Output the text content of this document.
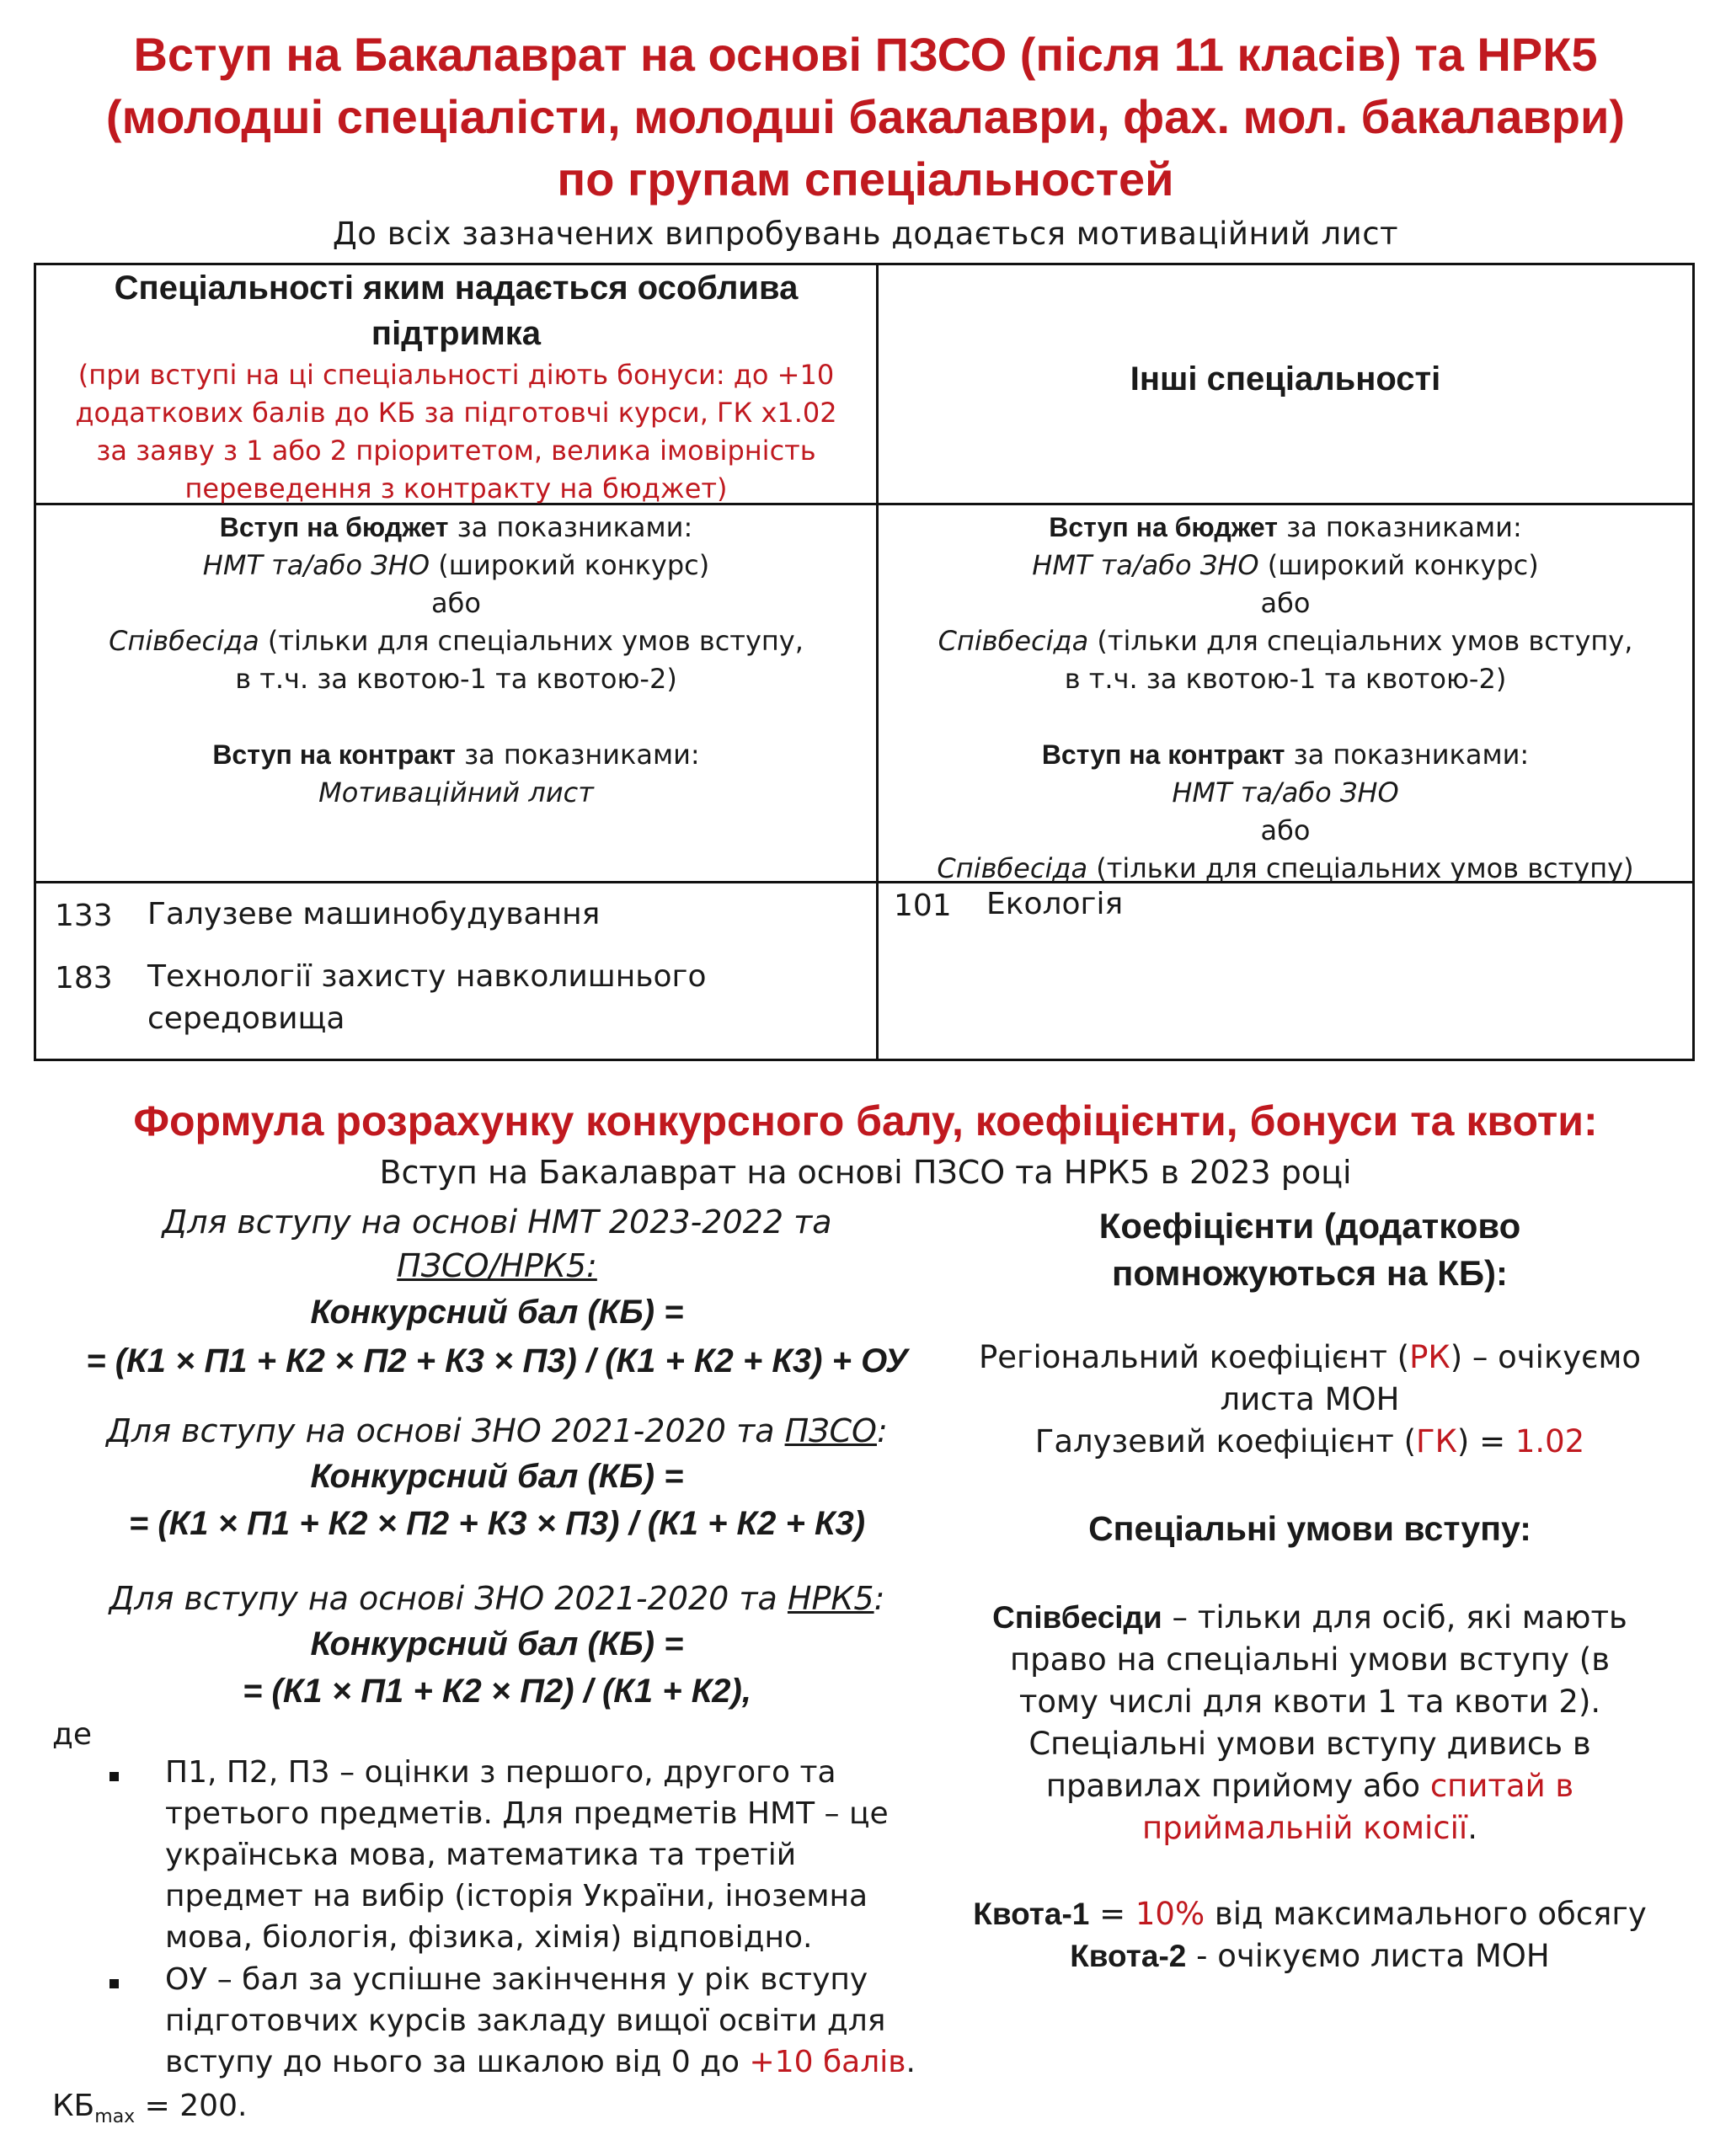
Вступ на Бакалаврат на основі ПЗСО (після 11 класів) та НРК5
(молодші спеціалісти, молодші бакалаври, фах. мол. бакалаври)
по групам спеціальностей
До всіх зазначених випробувань додається мотиваційний лист
Спеціальності яким надається особлива
підтримка
(при вступі на ці спеціальності діють бонуси: до +10
додаткових балів до КБ за підготовчі курси, ГК х1.02
за заяву з 1 або 2 пріоритетом, велика імовірність
переведення з контракту на бюджет)
Інші спеціальності
Вступ на бюджет за показниками:
НМТ та/або ЗНО (широкий конкурс)
або
Співбесіда (тільки для спеціальних умов вступу,
в т.ч. за квотою-1 та квотою-2)
Вступ на контракт за показниками:
Мотиваційний лист
Вступ на бюджет за показниками:
НМТ та/або ЗНО (широкий конкурс)
або
Співбесіда (тільки для спеціальних умов вступу,
в т.ч. за квотою-1 та квотою-2)
Вступ на контракт за показниками:
НМТ та/або ЗНО
або
Співбесіда (тільки для спеціальних умов вступу)
133 Галузеве машинобудування
183 Технології захисту навколишнього
середовища
101 Екологія
Формула розрахунку конкурсного балу, коефіцієнти, бонуси та квоти:
Вступ на Бакалаврат на основі ПЗСО та НРК5 в 2023 році
Для вступу на основі НМТ 2023-2022 та
ПЗСО/НРК5:
Конкурсний бал (КБ) =
= (К1 × П1 + К2 × П2 + К3 × П3) / (К1 + К2 + К3) + ОУ
Для вступу на основі ЗНО 2021-2020 та ПЗСО:
Конкурсний бал (КБ) =
= (К1 × П1 + К2 × П2 + К3 × П3) / (К1 + К2 + К3)
Для вступу на основі ЗНО 2021-2020 та НРК5:
Конкурсний бал (КБ) =
= (К1 × П1 + К2 × П2) / (К1 + К2),
де
П1, П2, П3 – оцінки з першого, другого та
третього предметів. Для предметів НМТ – це
українська мова, математика та третій
предмет на вибір (історія України, іноземна
мова, біологія, фізика, хімія) відповідно.
ОУ – бал за успішне закінчення у рік вступу
підготовчих курсів закладу вищої освіти для
вступу до нього за шкалою від 0 до +10 балів.
$КБ_{max} = 200$.
Коефіцієнти (додатково
помножуються на КБ):
Регіональний коефіцієнт (РК) – очікуємо
листа МОН
Галузевий коефіцієнт (ГК) = 1.02
Спеціальні умови вступу:
Співбесіди – тільки для осіб, які мають
право на спеціальні умови вступу (в
тому числі для квоти 1 та квоти 2).
Спеціальні умови вступу дивись в
правилах прийому або спитай в
приймальній комісії.
Квота-1 = 10% від максимального обсягу
Квота-2 - очікуємо листа МОН
